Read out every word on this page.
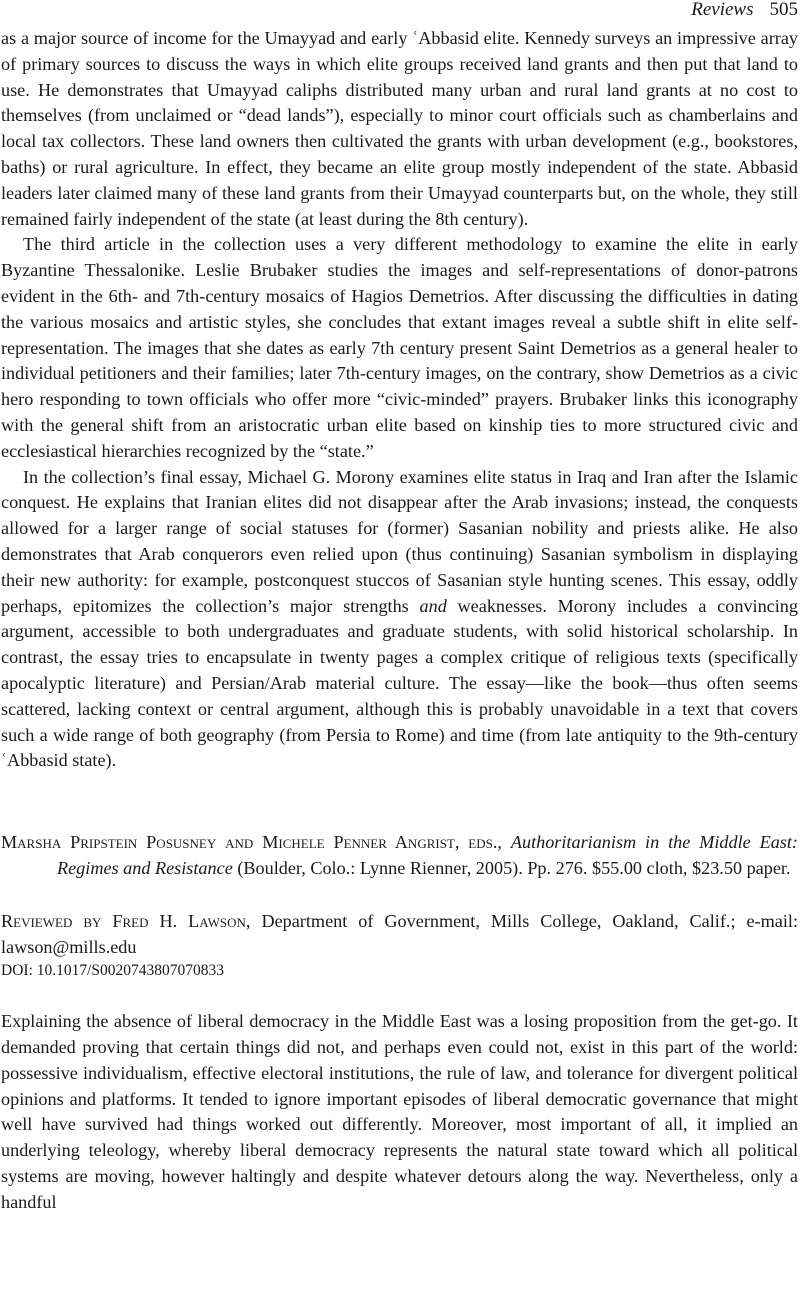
Reviews 505

as a major source of income for the Umayyad and early ʿAbbasid elite. Kennedy surveys an impressive array of primary sources to discuss the ways in which elite groups received land grants and then put that land to use. He demonstrates that Umayyad caliphs distributed many urban and rural land grants at no cost to themselves (from unclaimed or “dead lands”), especially to minor court officials such as chamberlains and local tax collectors. These land owners then cultivated the grants with urban development (e.g., bookstores, baths) or rural agriculture. In effect, they became an elite group mostly independent of the state. Abbasid leaders later claimed many of these land grants from their Umayyad counterparts but, on the whole, they still remained fairly independent of the state (at least during the 8th century).

The third article in the collection uses a very different methodology to examine the elite in early Byzantine Thessalonike. Leslie Brubaker studies the images and self-representations of donor-patrons evident in the 6th- and 7th-century mosaics of Hagios Demetrios. After discussing the difficulties in dating the various mosaics and artistic styles, she concludes that extant images reveal a subtle shift in elite self-representation. The images that she dates as early 7th century present Saint Demetrios as a general healer to individual petitioners and their families; later 7th-century images, on the contrary, show Demetrios as a civic hero responding to town officials who offer more “civic-minded” prayers. Brubaker links this iconography with the general shift from an aristocratic urban elite based on kinship ties to more structured civic and ecclesiastical hierarchies recognized by the “state.”

In the collection’s final essay, Michael G. Morony examines elite status in Iraq and Iran after the Islamic conquest. He explains that Iranian elites did not disappear after the Arab invasions; instead, the conquests allowed for a larger range of social statuses for (former) Sasanian nobility and priests alike. He also demonstrates that Arab conquerors even relied upon (thus continuing) Sasanian symbolism in displaying their new authority: for example, postconquest stuccos of Sasanian style hunting scenes. This essay, oddly perhaps, epitomizes the collection’s major strengths and weaknesses. Morony includes a convincing argument, accessible to both undergraduates and graduate students, with solid historical scholarship. In contrast, the essay tries to encapsulate in twenty pages a complex critique of religious texts (specifically apocalyptic literature) and Persian/Arab material culture. The essay—like the book—thus often seems scattered, lacking context or central argument, although this is probably unavoidable in a text that covers such a wide range of both geography (from Persia to Rome) and time (from late antiquity to the 9th-century ʿAbbasid state).

Marsha Pripstein Posusney and Michele Penner Angrist, eds., Authoritarianism in the Middle East: Regimes and Resistance (Boulder, Colo.: Lynne Rienner, 2005). Pp. 276. $55.00 cloth, $23.50 paper.

Reviewed by Fred H. Lawson, Department of Government, Mills College, Oakland, Calif.; e-mail: lawson@mills.edu

DOI: 10.1017/S0020743807070833

Explaining the absence of liberal democracy in the Middle East was a losing proposition from the get-go. It demanded proving that certain things did not, and perhaps even could not, exist in this part of the world: possessive individualism, effective electoral institutions, the rule of law, and tolerance for divergent political opinions and platforms. It tended to ignore important episodes of liberal democratic governance that might well have survived had things worked out differently. Moreover, most important of all, it implied an underlying teleology, whereby liberal democracy represents the natural state toward which all political systems are moving, however haltingly and despite whatever detours along the way. Nevertheless, only a handful
